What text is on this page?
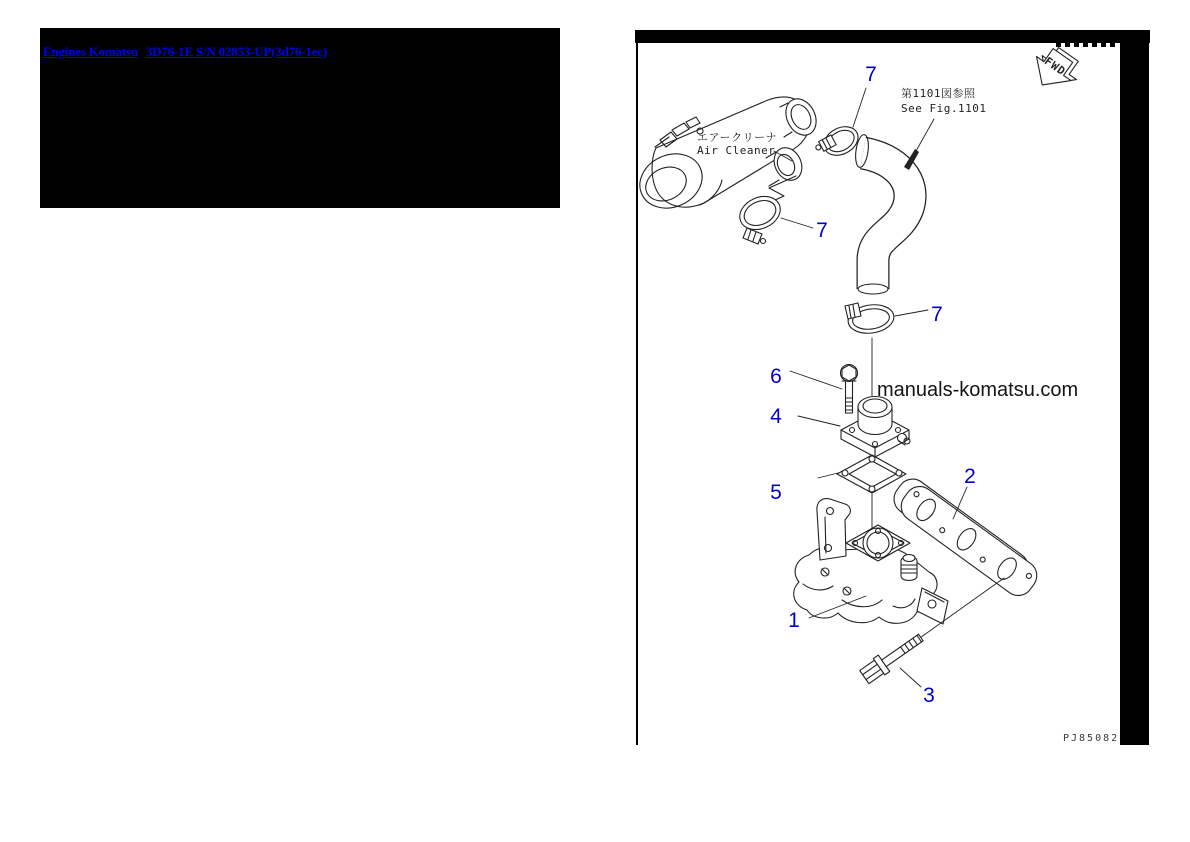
Engines Komatsu 3D76-1E S/N 02853-UP(3d76-1ec)
PJ85082
エアークリーナ
Air Cleaner
第1101図参照
See Fig.1101
manuals-komatsu.com
FWD
7
7
7
6
4
5
2
1
3
